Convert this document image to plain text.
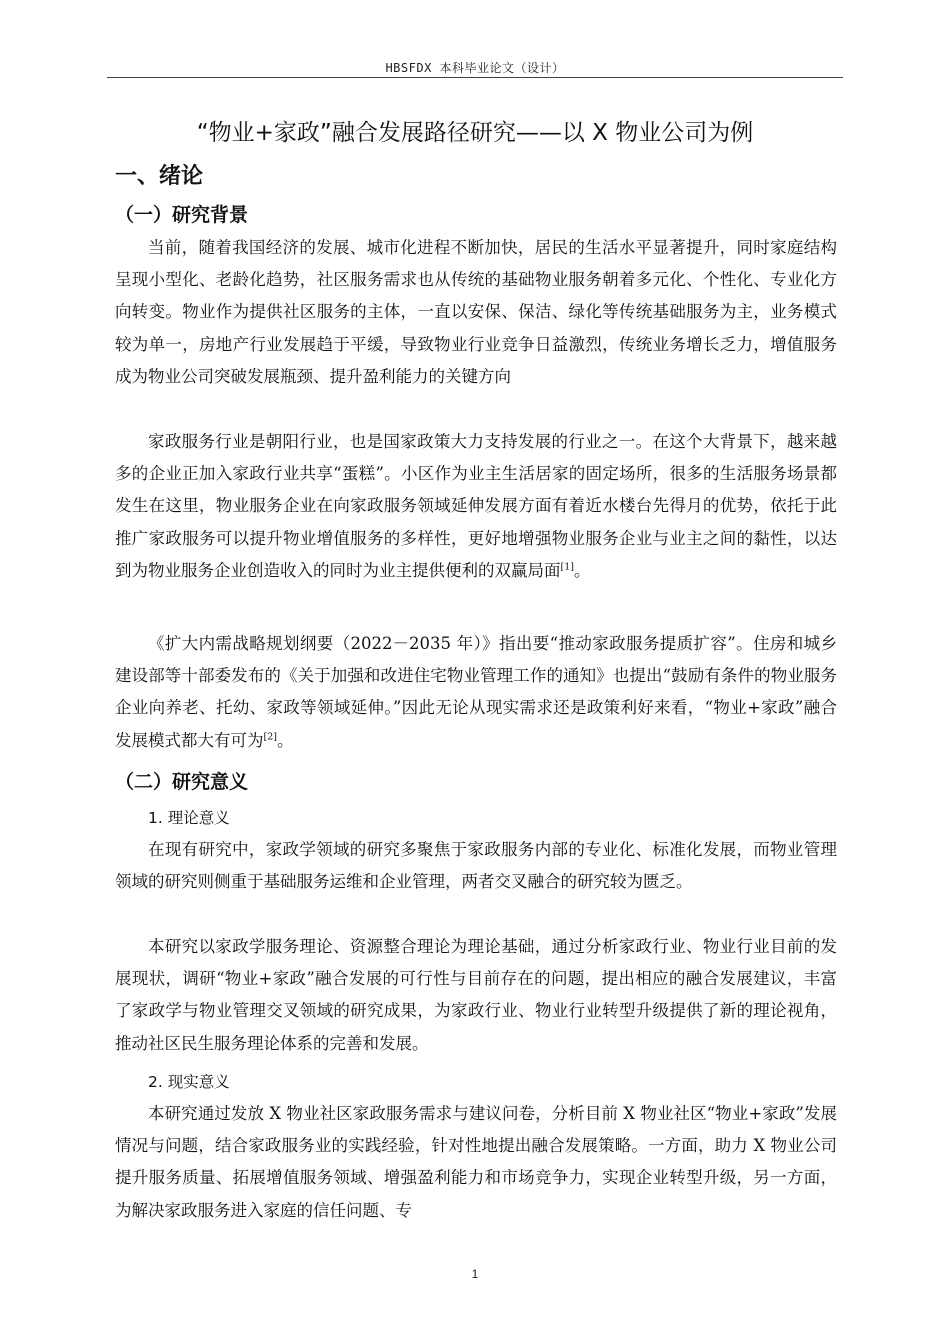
HBSFDX 本科毕业论文（设计）
“物业+家政”融合发展路径研究——以 X 物业公司为例
一、绪论
（一）研究背景
当前，随着我国经济的发展、城市化进程不断加快，居民的生活水平显著提升，同时家庭结构呈现小型化、老龄化趋势，社区服务需求也从传统的基础物业服务朝着多元化、个性化、专业化方向转变。物业作为提供社区服务的主体，一直以安保、保洁、绿化等传统基础服务为主，业务模式较为单一，房地产行业发展趋于平缓，导致物业行业竞争日益激烈，传统业务增长乏力，增值服务成为物业公司突破发展瓶颈、提升盈利能力的关键方向
家政服务行业是朝阳行业，也是国家政策大力支持发展的行业之一。在这个大背景下，越来越多的企业正加入家政行业共享“蛋糕”。小区作为业主生活居家的固定场所，很多的生活服务场景都发生在这里，物业服务企业在向家政服务领域延伸发展方面有着近水楼台先得月的优势，依托于此推广家政服务可以提升物业增值服务的多样性，更好地增强物业服务企业与业主之间的黏性，以达到为物业服务企业创造收入的同时为业主提供便利的双赢局面[1]。
《扩大内需战略规划纲要（2022－2035 年）》指出要“推动家政服务提质扩容”。住房和城乡建设部等十部委发布的《关于加强和改进住宅物业管理工作的通知》也提出“鼓励有条件的物业服务企业向养老、托幼、家政等领域延伸。”因此无论从现实需求还是政策利好来看，“物业+家政”融合发展模式都大有可为[2]。
（二）研究意义
1. 理论意义
在现有研究中，家政学领域的研究多聚焦于家政服务内部的专业化、标准化发展，而物业管理领域的研究则侧重于基础服务运维和企业管理，两者交叉融合的研究较为匮乏。
本研究以家政学服务理论、资源整合理论为理论基础，通过分析家政行业、物业行业目前的发展现状，调研“物业+家政”融合发展的可行性与目前存在的问题，提出相应的融合发展建议，丰富了家政学与物业管理交叉领域的研究成果，为家政行业、物业行业转型升级提供了新的理论视角，推动社区民生服务理论体系的完善和发展。
2. 现实意义
本研究通过发放 X 物业社区家政服务需求与建议问卷，分析目前 X 物业社区“物业+家政”发展情况与问题，结合家政服务业的实践经验，针对性地提出融合发展策略。一方面，助力 X 物业公司提升服务质量、拓展增值服务领域、增强盈利能力和市场竞争力，实现企业转型升级，另一方面，为解决家政服务进入家庭的信任问题、专
1
